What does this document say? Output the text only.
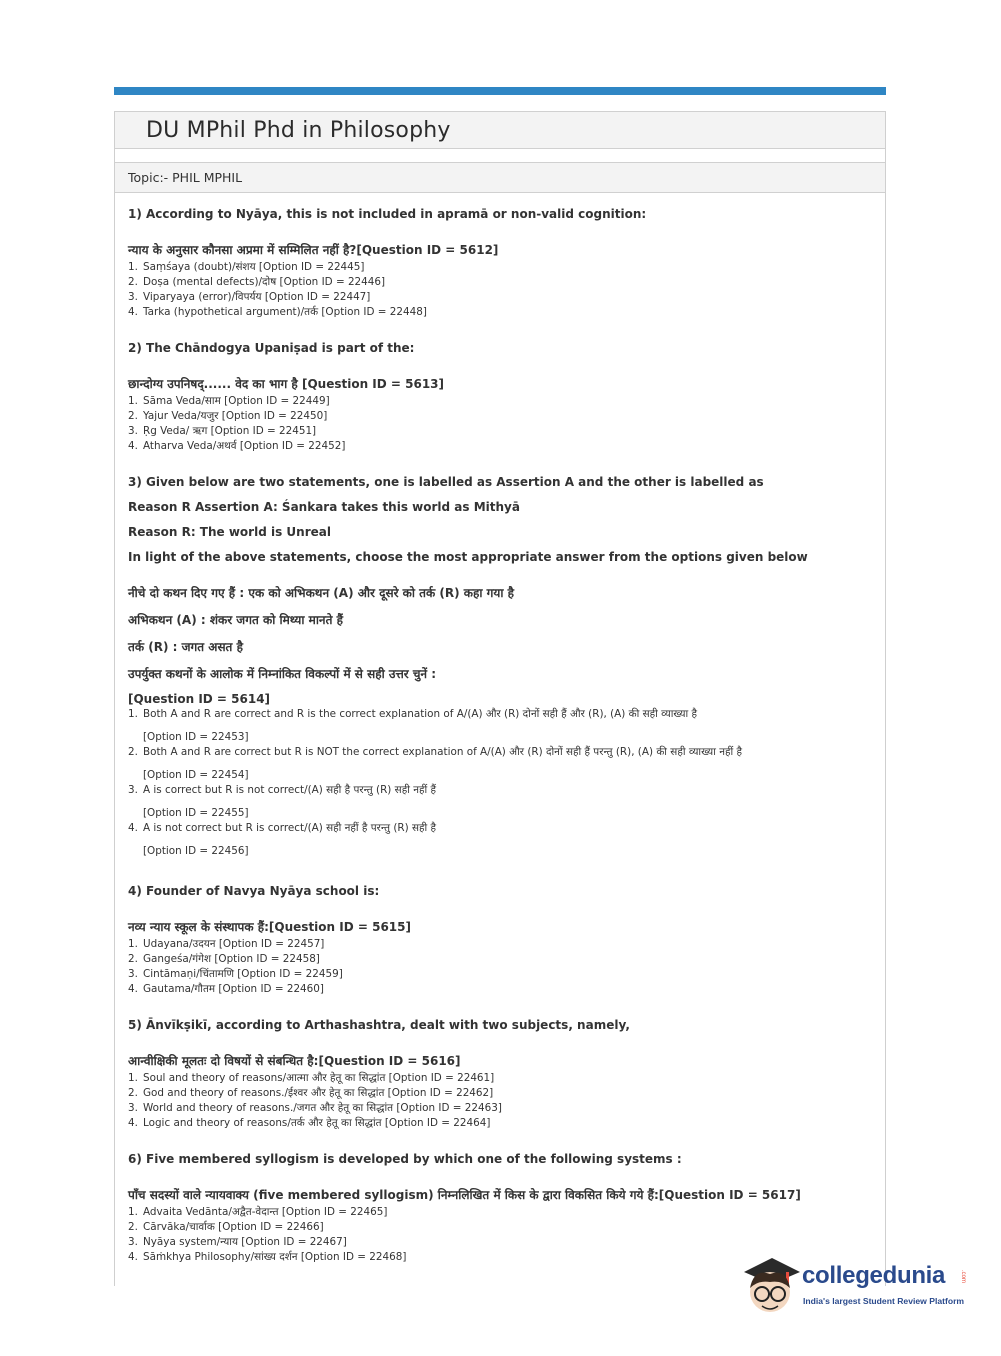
Topic:- PHIL MPHIL
1) According to Nyāya, this is not included in apramā or non-valid cognition:
न्याय के अनुसार कौनसा अप्रमा में सम्मिलित नहीं है?[Question ID = 5612]
1. Saṃśaya (doubt)/संशय [Option ID = 22445]
2. Doṣa (mental defects)/दोष [Option ID = 22446]
3. Viparyaya (error)/विपर्यय [Option ID = 22447]
4. Tarka (hypothetical argument)/तर्क [Option ID = 22448]
2) The Chāndogya Upaniṣad is part of the:
छान्दोग्य उपनिषद्...... वेद का भाग है [Question ID = 5613]
1. Sāma Veda/साम [Option ID = 22449]
2. Yajur Veda/यजुर [Option ID = 22450]
3. Ṛg Veda/ ऋग [Option ID = 22451]
4. Atharva Veda/अथर्व [Option ID = 22452]
3) Given below are two statements, one is labelled as Assertion A and the other is labelled as
Reason R Assertion A: Śankara takes this world as Mithyā
Reason R: The world is Unreal
In light of the above statements, choose the most appropriate answer from the options given below
नीचे दो कथन दिए गए हैं : एक को अभिकथन (A) और दूसरे को तर्क (R) कहा गया है
अभिकथन (A) : शंकर जगत को मिथ्या मानते हैं
तर्क (R) : जगत असत है
उपर्युक्त कथनों के आलोक में निम्नांकित विकल्पों में से सही उत्तर चुनें :
[Question ID = 5614]
1. Both A and R are correct and R is the correct explanation of A/(A) और (R) दोनों सही हैं और (R), (A) की सही व्याख्या है
[Option ID = 22453]
2. Both A and R are correct but R is NOT the correct explanation of A/(A) और (R) दोनों सही हैं परन्तु (R), (A) की सही व्याख्या नहीं है
[Option ID = 22454]
3. A is correct but R is not correct/(A) सही है परन्तु (R) सही नहीं हैं
[Option ID = 22455]
4. A is not correct but R is correct/(A) सही नहीं है परन्तु (R) सही है
[Option ID = 22456]
4) Founder of Navya Nyāya school is:
नव्य न्याय स्कूल के संस्थापक हैं:[Question ID = 5615]
1. Udayana/उदयन [Option ID = 22457]
2. Gangeśa/गंगेश [Option ID = 22458]
3. Cintāmaṇi/चिंतामणि [Option ID = 22459]
4. Gautama/गौतम [Option ID = 22460]
5) Ānvīkṣikī, according to Arthashashtra, dealt with two subjects, namely,
आन्वीक्षिकी मूलतः दो विषयों से संबन्धित है:[Question ID = 5616]
1. Soul and theory of reasons/आत्मा और हेतू का सिद्धांत [Option ID = 22461]
2. God and theory of reasons./ईश्वर और हेतू का सिद्धांत [Option ID = 22462]
3. World and theory of reasons./जगत और हेतू का सिद्धांत [Option ID = 22463]
4. Logic and theory of reasons/तर्क और हेतू का सिद्धांत [Option ID = 22464]
6) Five membered syllogism is developed by which one of the following systems :
पाँच सदस्यों वाले न्यायवाक्य (five membered syllogism) निम्नलिखित में किस के द्वारा विकसित किये गये हैं:[Question ID = 5617]
1. Advaita Vedānta/अद्वैत-वेदान्त [Option ID = 22465]
2. Cārvāka/चार्वाक [Option ID = 22466]
3. Nyāya system/न्याय [Option ID = 22467]
4. Sāṁkhya Philosophy/सांख्य दर्शन [Option ID = 22468]
DU MPhil Phd in Philosophy
collegedunia .com
India's largest Student Review Platform
